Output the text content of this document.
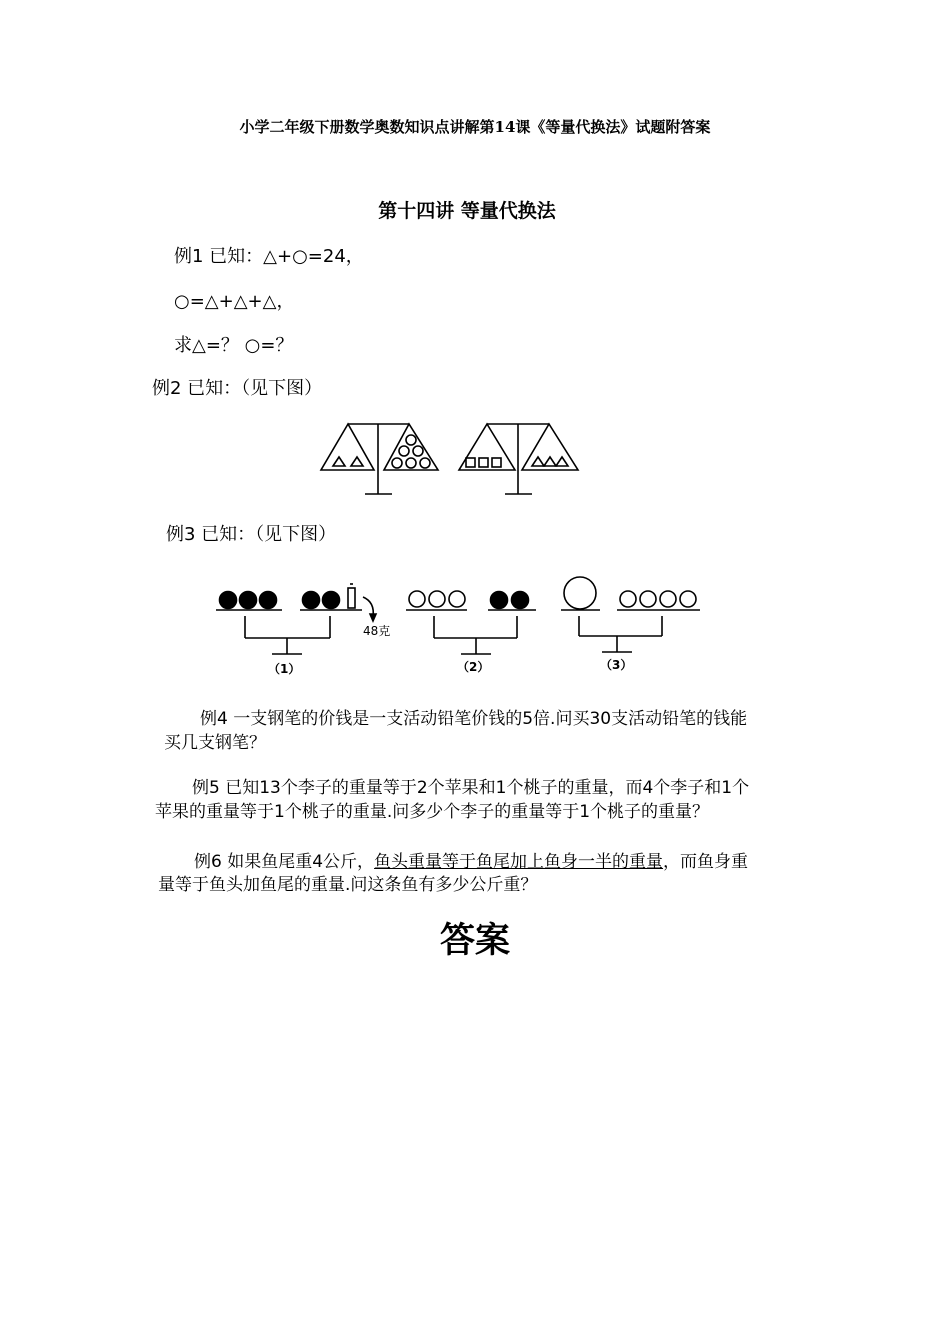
小学二年级下册数学奥数知识点讲解第14课《等量代换法》试题附答案
第十四讲 等量代换法
例1 已知：△+○=24，
○=△+△+△，
求△=？ ○=？
例2 已知：（见下图）
例3 已知：（见下图）
48克
（1）	（2）	（3）
例4 一支钢笔的价钱是一支活动铅笔价钱的5倍.问买30支活动铅笔的钱能
买几支钢笔？
例5 已知13个李子的重量等于2个苹果和1个桃子的重量，而4个李子和1个
苹果的重量等于1个桃子的重量.问多少个李子的重量等于1个桃子的重量？
例6 如果鱼尾重4公斤，鱼头重量等于鱼尾加上鱼身一半的重量，而鱼身重
量等于鱼头加鱼尾的重量.问这条鱼有多少公斤重？
答案
